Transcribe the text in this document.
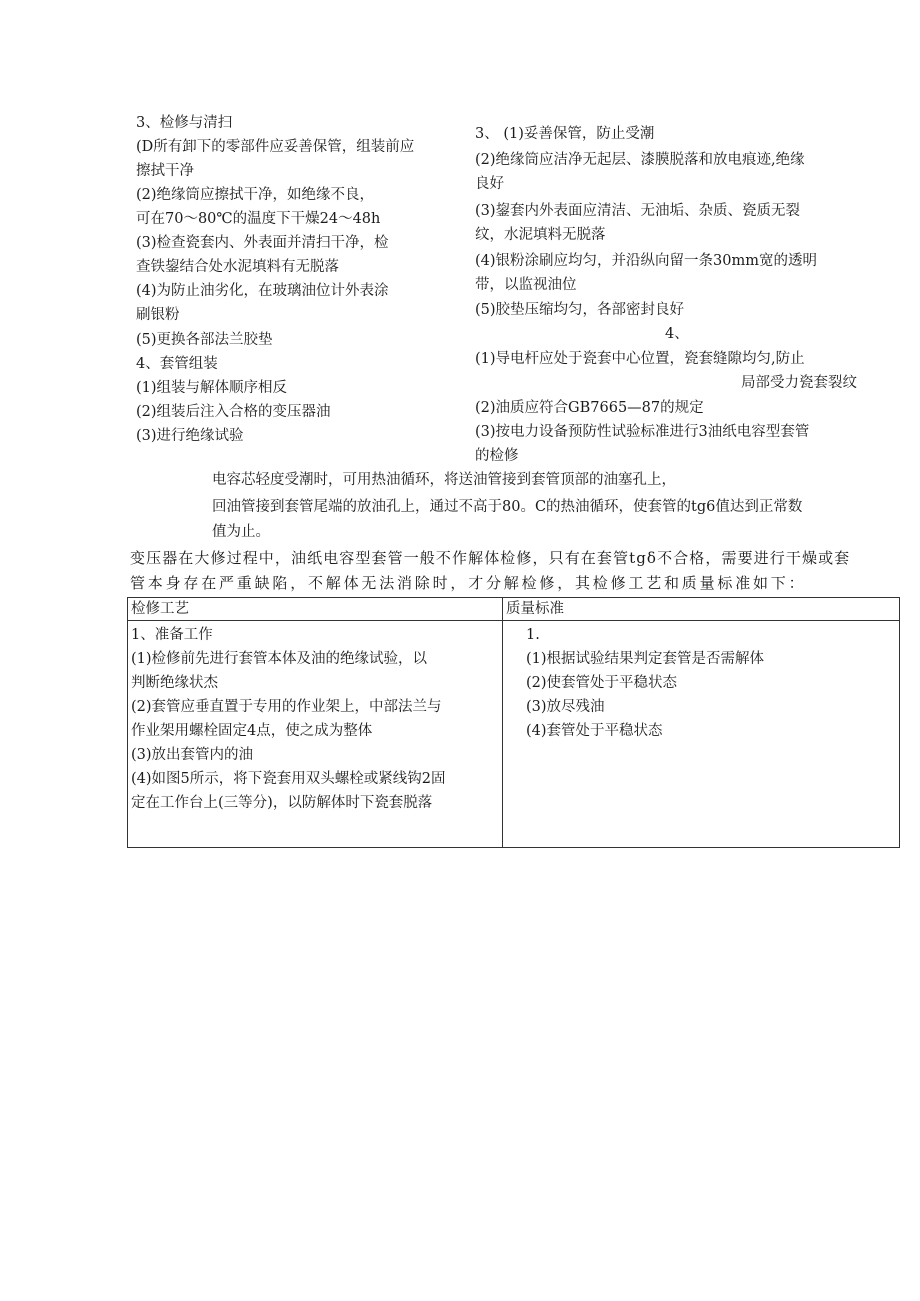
3、检修与清扫
(D所有卸下的零部件应妥善保管，组装前应
擦拭干净
(2)绝缘筒应擦拭干净，如绝缘不良，
可在70～80℃的温度下干燥24～48h
(3)检查瓷套内、外表面并清扫干净，检
查铁鋆结合处水泥填料有无脱落
(4)为防止油劣化，在玻璃油位计外表涂
刷银粉
(5)更换各部法兰胶垫
4、套管组装
(1)组装与解体顺序相反
(2)组装后注入合格的变压器油
(3)进行绝缘试验
3、 (1)妥善保管，防止受潮
(2)绝缘筒应洁净无起层、漆膜脱落和放电痕迹,绝缘
良好
(3)鋆套内外表面应清洁、无油垢、杂质、瓷质无裂
纹，水泥填料无脱落
(4)银粉涂刷应均匀，并沿纵向留一条30mm宽的透明
带，以监视油位
(5)胶垫压缩均匀，各部密封良好
4、
(1)导电杆应处于瓷套中心位置，瓷套缝隙均匀,防止
局部受力瓷套裂纹
(2)油质应符合GB7665—87的规定
(3)按电力设备预防性试验标准进行3油纸电容型套管
的检修
电容芯轻度受潮时，可用热油循环，将送油管接到套管顶部的油塞孔上，
回油管接到套管尾端的放油孔上，通过不高于80。C的热油循环，使套管的tg6值达到正常数
值为止。
变压器在大修过程中，油纸电容型套管一般不作解体检修，只有在套管tgδ不合格，需要进行干燥或套
管本身存在严重缺陷，不解体无法消除时，才分解检修，其检修工艺和质量标准如下：
检修工艺	质量标准
1、准备工作
(1)检修前先进行套管本体及油的绝缘试验，以
判断绝缘状杰
(2)套管应垂直置于专用的作业架上，中部法兰与
作业架用螺栓固定4点，使之成为整体
(3)放出套管内的油
(4)如图5所示，将下瓷套用双头螺栓或紧线钩2固
定在工作台上(三等分)，以防解体时下瓷套脱落
1.
(1)根据试验结果判定套管是否需解体
(2)使套管处于平稳状态
(3)放尽残油
(4)套管处于平稳状态
